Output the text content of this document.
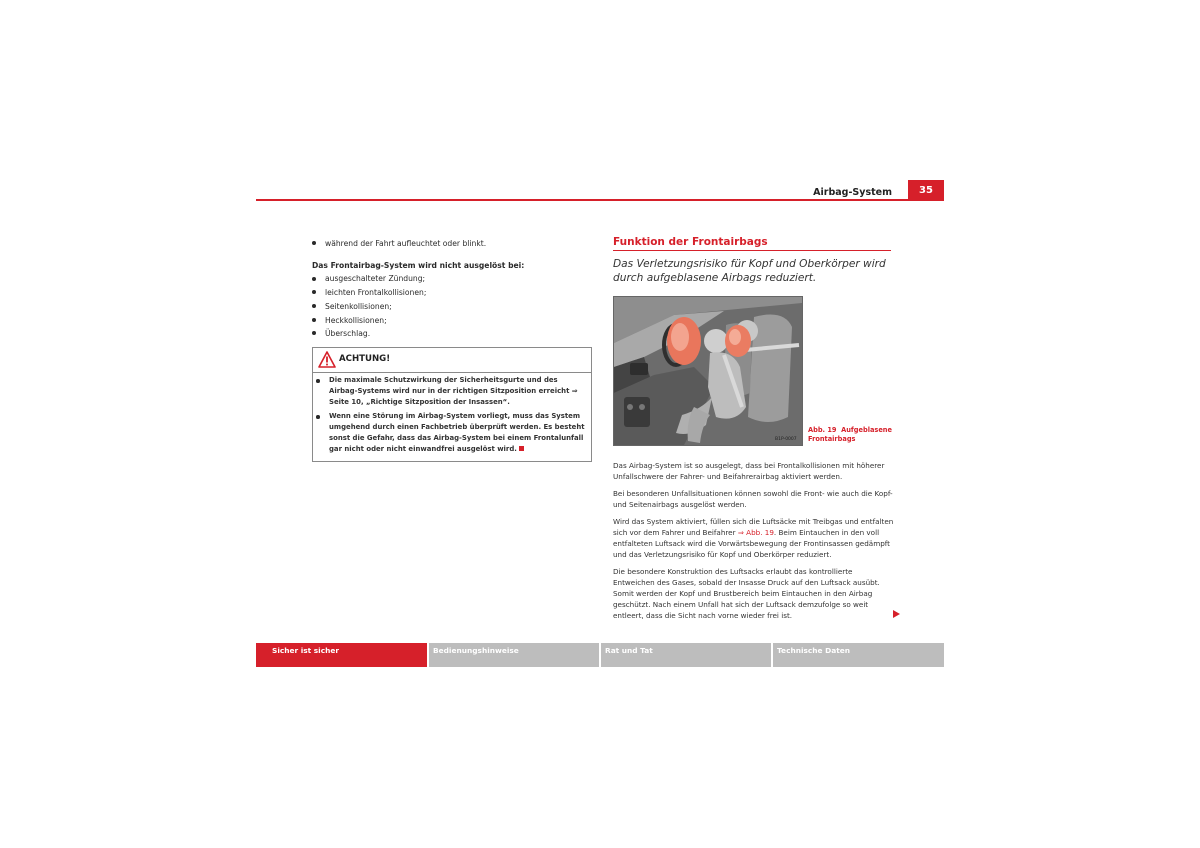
Airbag-System	35
während der Fahrt aufleuchtet oder blinkt.
Das Frontairbag-System wird nicht ausgelöst bei:
ausgeschalteter Zündung;
leichten Frontalkollisionen;
Seitenkollisionen;
Heckkollisionen;
Überschlag.
ACHTUNG!

Die maximale Schutzwirkung der Sicherheitsgurte und des Airbag-Systems wird nur in der richtigen Sitzposition erreicht ⇒ Seite 10, „Richtige Sitzposition der Insassen“.

Wenn eine Störung im Airbag-System vorliegt, muss das System umgehend durch einen Fachbetrieb überprüft werden. Es besteht sonst die Gefahr, dass das Airbag-System bei einem Frontalunfall gar nicht oder nicht einwandfrei ausgelöst wird.

Funktion der Frontairbags
Das Verletzungsrisiko für Kopf und Oberkörper wird durch aufgeblasene Airbags reduziert.
B1P-0007
Abb. 19 Aufgeblasene Frontairbags
Das Airbag-System ist so ausgelegt, dass bei Frontalkollisionen mit höherer Unfallschwere der Fahrer- und Beifahrerairbag aktiviert werden.
Bei besonderen Unfallsituationen können sowohl die Front- wie auch die Kopf- und Seitenairbags ausgelöst werden.
Wird das System aktiviert, füllen sich die Luftsäcke mit Treibgas und entfalten sich vor dem Fahrer und Beifahrer ⇒ Abb. 19. Beim Eintauchen in den voll entfalteten Luftsack wird die Vorwärtsbewegung der Frontinsassen gedämpft und das Verletzungsrisiko für Kopf und Oberkörper reduziert.
Die besondere Konstruktion des Luftsacks erlaubt das kontrollierte Entweichen des Gases, sobald der Insasse Druck auf den Luftsack ausübt. Somit werden der Kopf und Brustbereich beim Eintauchen in den Airbag geschützt. Nach einem Unfall hat sich der Luftsack demzufolge so weit entleert, dass die Sicht nach vorne wieder frei ist.
Sicher ist sicher	Bedienungshinweise	Rat und Tat	Technische Daten
